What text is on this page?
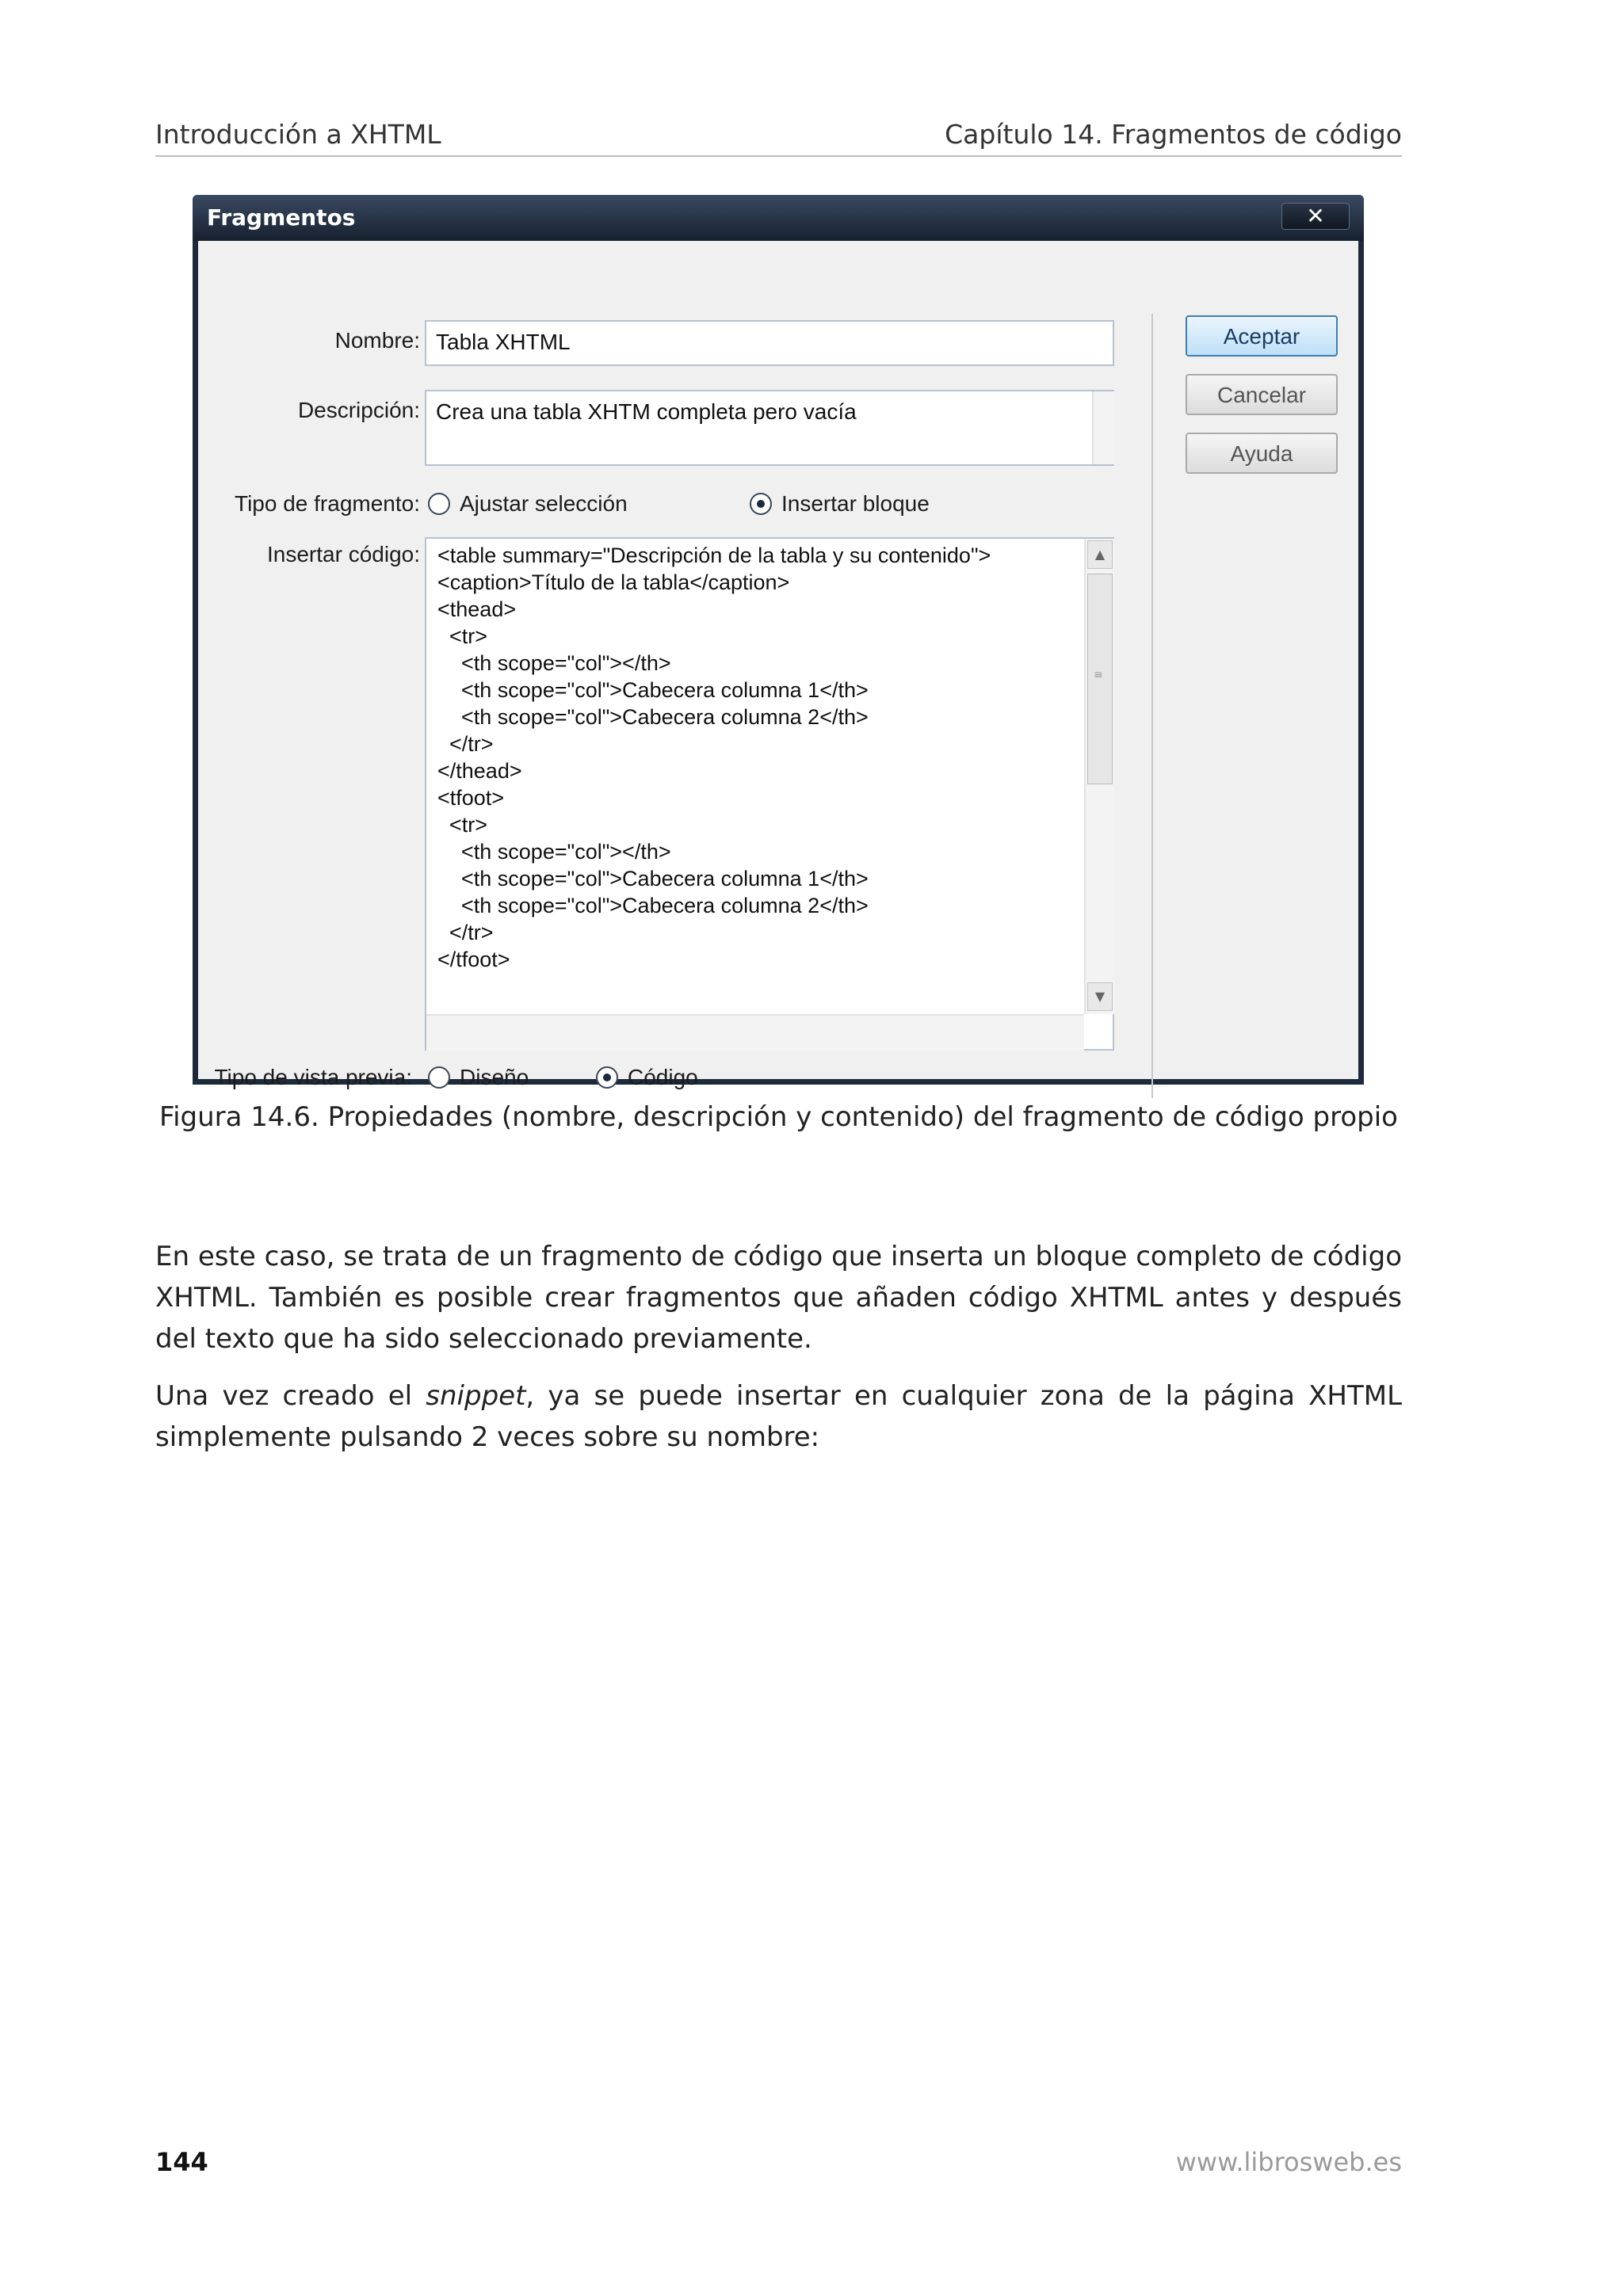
Introducción a XHTML	Capítulo 14. Fragmentos de código
Fragmentos	✕
Nombre: Tabla XHTML
Descripción: Crea una tabla XHTM completa pero vacía
Tipo de fragmento: Ajustar selección	Insertar bloque
Insertar código: <table summary="Descripción de la tabla y su contenido">
<caption>Título de la tabla</caption>
<thead>
<tr>
<th scope="col"></th>
<th scope="col">Cabecera columna 1</th>
<th scope="col">Cabecera columna 2</th>
</tr>
</thead>
<tfoot>
<tr>
<th scope="col"></th>
<th scope="col">Cabecera columna 1</th>
<th scope="col">Cabecera columna 2</th>
</tr>
</tfoot>
▲
≡
▼
Tipo de vista previa: Diseño	Código
Aceptar
Cancelar
Ayuda
Figura 14.6. Propiedades (nombre, descripción y contenido) del fragmento de código propio
En este caso, se trata de un fragmento de código que inserta un bloque completo de código XHTML. También es posible crear fragmentos que añaden código XHTML antes y después del texto que ha sido seleccionado previamente.
Una vez creado el snippet, ya se puede insertar en cualquier zona de la página XHTML simplemente pulsando 2 veces sobre su nombre:
144	www.librosweb.es
